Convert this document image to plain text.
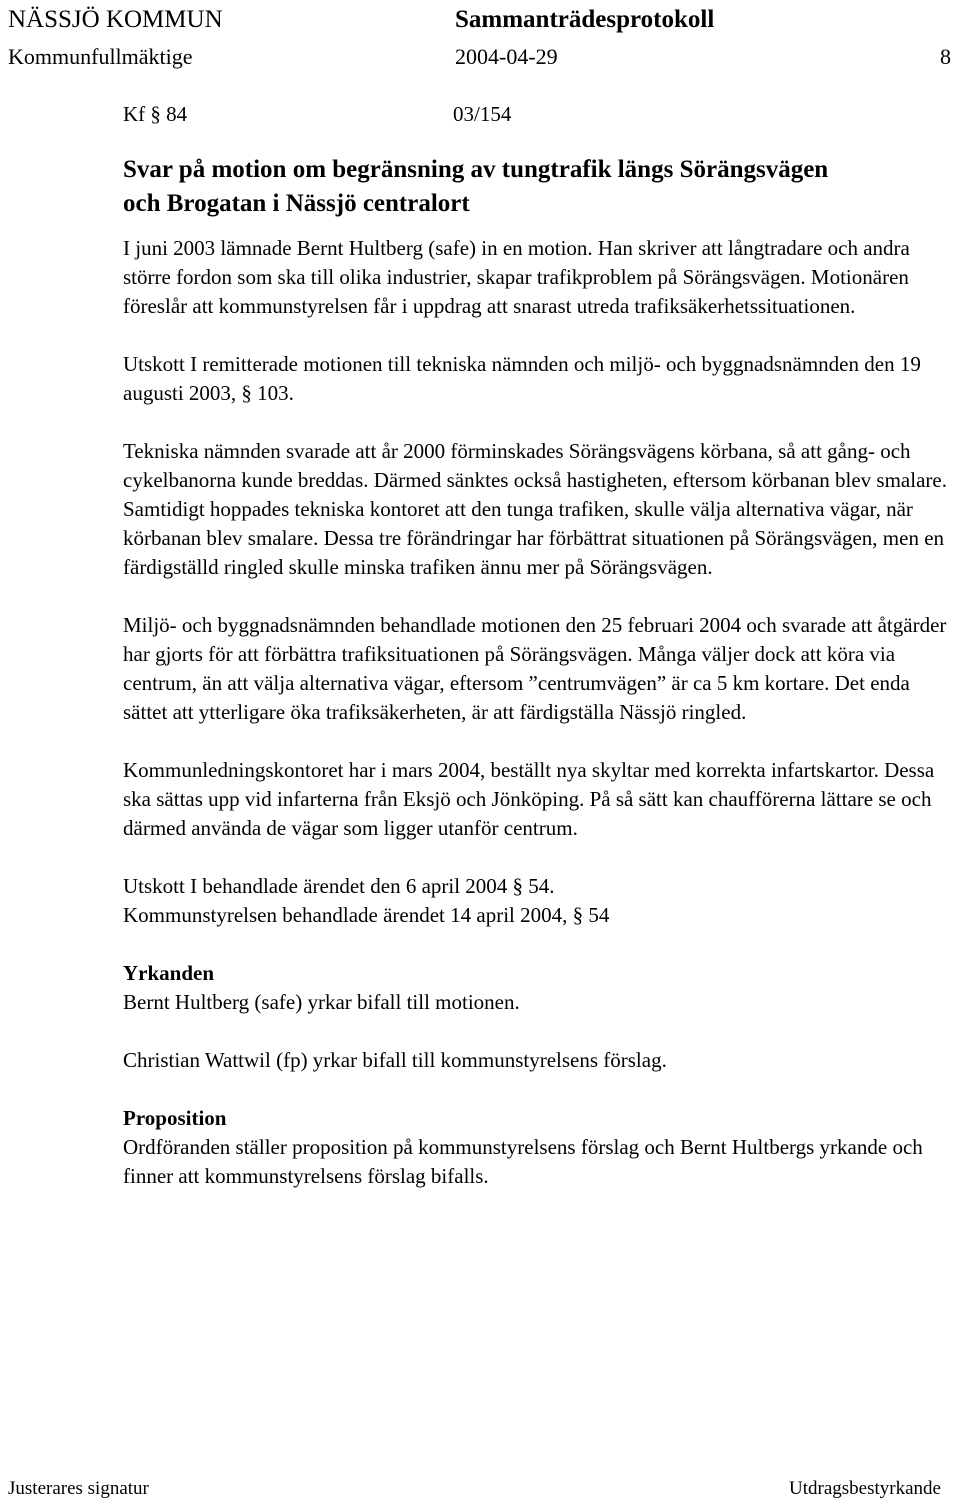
NÄSSJÖ KOMMUN	Sammanträdesprotokoll
Kommunfullmäktige	2004-04-29	8
Kf § 84	03/154
Svar på motion om begränsning av tungtrafik längs Sörängsvägen
och Brogatan i Nässjö centralort

I juni 2003 lämnade Bernt Hultberg (safe) in en motion. Han skriver att långtradare och andra större fordon som ska till olika industrier, skapar trafikproblem på Sörängsvägen. Motionären föreslår att kommunstyrelsen får i uppdrag att snarast utreda trafiksäkerhetssituationen.

Utskott I remitterade motionen till tekniska nämnden och miljö- och byggnadsnämnden den 19 augusti 2003, § 103.

Tekniska nämnden svarade att år 2000 förminskades Sörängsvägens körbana, så att gång- och cykelbanorna kunde breddas. Därmed sänktes också hastigheten, eftersom körbanan blev smalare. Samtidigt hoppades tekniska kontoret att den tunga trafiken, skulle välja alternativa vägar, när körbanan blev smalare. Dessa tre förändringar har förbättrat situationen på Sörängsvägen, men en färdigställd ringled skulle minska trafiken ännu mer på Sörängsvägen.

Miljö- och byggnadsnämnden behandlade motionen den 25 februari 2004 och svarade att åtgärder har gjorts för att förbättra trafiksituationen på Sörängsvägen. Många väljer dock att köra via centrum, än att välja alternativa vägar, eftersom ”centrumvägen” är ca 5 km kortare. Det enda sättet att ytterligare öka trafiksäkerheten, är att färdigställa Nässjö ringled.

Kommunledningskontoret har i mars 2004, beställt nya skyltar med korrekta infartskartor. Dessa ska sättas upp vid infarterna från Eksjö och Jönköping. På så sätt kan chaufförerna lättare se och därmed använda de vägar som ligger utanför centrum.

Utskott I behandlade ärendet den 6 april 2004 § 54.

Kommunstyrelsen behandlade ärendet 14 april 2004, § 54

Yrkanden

Bernt Hultberg (safe) yrkar bifall till motionen.

Christian Wattwil (fp) yrkar bifall till kommunstyrelsens förslag.

Proposition

Ordföranden ställer proposition på kommunstyrelsens förslag och Bernt Hultbergs yrkande och finner att kommunstyrelsens förslag bifalls.

Justerares signatur	Utdragsbestyrkande
